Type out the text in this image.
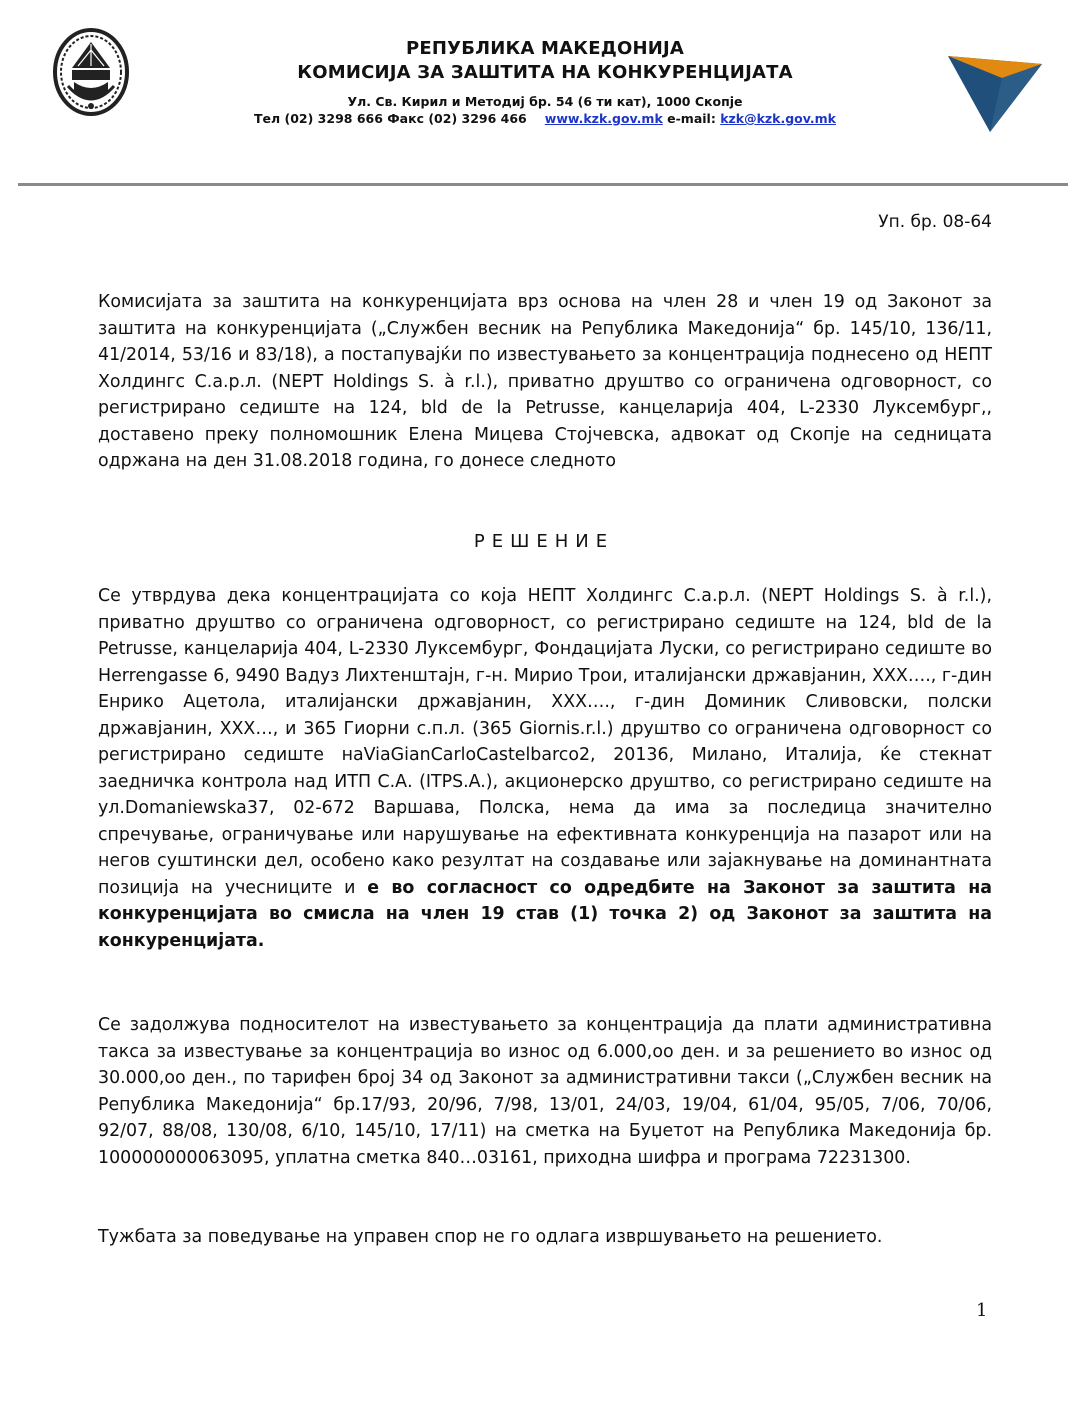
РЕПУБЛИКА МАКЕДОНИЈА
КОМИСИЈА ЗА ЗАШТИТА НА КОНКУРЕНЦИЈАТА
Ул. Св. Кирил и Методиј бр. 54 (6 ти кат), 1000 Скопје
Тел (02) 3298 666 Факс (02) 3296 466 www.kzk.gov.mk e-mail: kzk@kzk.gov.mk
Уп. бр. 08-64
Комисијата за заштита на конкуренцијата врз основа на член 28 и член 19 од Законот за заштита на конкуренцијата („Службен весник на Република Македонија“ бр. 145/10, 136/11, 41/2014, 53/16 и 83/18), а постапувајќи по известувањето за концентрација поднесено од НЕПТ Холдингс С.а.р.л. (NEPT Holdings S. à r.l.), приватно друштво со ограничена одговорност, со регистрирано седиште на 124, bld de la Petrusse, канцеларија 404, L-2330 Луксембург,, доставено преку полномошник Елена Мицева Стојчевска, адвокат од Скопје на седницата одржана на ден 31.08.2018 година, го донесе следното
РЕШЕНИЕ
Се утврдува дека концентрацијата со која НЕПТ Холдингс С.а.р.л. (NEPT Holdings S. à r.l.), приватно друштво со ограничена одговорност, со регистрирано седиште на 124, bld de la Petrusse, канцеларија 404, L-2330 Луксембург, Фондацијата Луски, со регистрирано седиште во Herrengasse 6, 9490 Вадуз Лихтенштајн, г-н. Мирио Трои, италијански државјанин, XXX…., г-дин Енрико Ацетола, италијански државјанин, XXX…., г-дин Доминик Сливовски, полски државјанин, XXX…, и 365 Гиорни с.п.л. (365 Giornis.r.l.) друштво со ограничена одговорност со регистрирано седиште наViaGianCarloCastelbarco2, 20136, Милано, Италија, ќе стекнат заедничка контрола над ИТП С.А. (ITPS.A.), акционерско друштво, со регистрирано седиште на ул.Domaniewska37, 02-672 Варшава, Полска, нема да има за последица значително спречување, ограничување или нарушување на ефективната конкуренција на пазарот или на негов суштински дел, особено како резултат на создавање или зајакнување на доминантната позиција на учесниците и е во согласност со одредбите на Законот за заштита на конкуренцијата во смисла на член 19 став (1) точка 2) од Законот за заштита на конкуренцијата.
Се задолжува подносителот на известувањето за концентрација да плати административна такса за известување за концентрација во износ од 6.000,оо ден. и за решението во износ од 30.000,оо ден., по тарифен број 34 од Законот за административни такси („Службен весник на Република Македонија“ бр.17/93, 20/96, 7/98, 13/01, 24/03, 19/04, 61/04, 95/05, 7/06, 70/06, 92/07, 88/08, 130/08, 6/10, 145/10, 17/11) на сметка на Буџетот на Република Македонија бр. 100000000063095, уплатна сметка 840…03161, приходна шифра и програма 72231300.
Тужбата за поведување на управен спор не го одлага извршувањето на решението.
1
